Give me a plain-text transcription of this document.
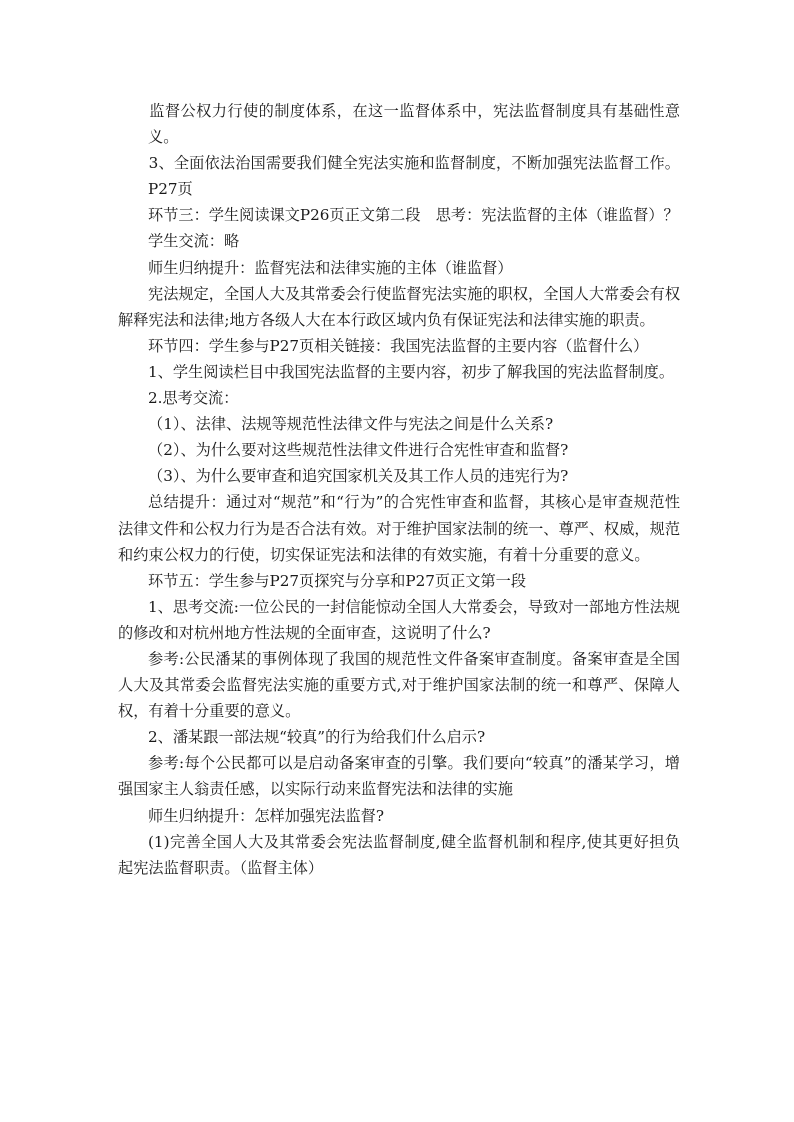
　　监督公权力行使的制度体系，在这一监督体系中，宪法监督制度具有基础性意义。

　　3、全面依法治国需要我们健全宪法实施和监督制度，不断加强宪法监督工作。P27页

环节三：学生阅读课文P26页正文第二段　思考：宪法监督的主体（谁监督）？

学生交流：略

师生归纳提升：监督宪法和法律实施的主体（谁监督）

宪法规定，全国人大及其常委会行使监督宪法实施的职权，全国人大常委会有权解释宪法和法律;地方各级人大在本行政区域内负有保证宪法和法律实施的职责。

环节四：学生参与P27页相关链接：我国宪法监督的主要内容（监督什么）

1、学生阅读栏目中我国宪法监督的主要内容，初步了解我国的宪法监督制度。

2.思考交流：

（1）、法律、法规等规范性法律文件与宪法之间是什么关系?

（2）、为什么要对这些规范性法律文件进行合宪性审查和监督?

（3）、为什么要审查和追究国家机关及其工作人员的违宪行为?

总结提升：通过对“规范”和“行为”的合宪性审查和监督，其核心是审查规范性法律文件和公权力行为是否合法有效。对于维护国家法制的统一、尊严、权威，规范和约束公权力的行使，切实保证宪法和法律的有效实施，有着十分重要的意义。

环节五：学生参与P27页探究与分享和P27页正文第一段

1、思考交流:一位公民的一封信能惊动全国人大常委会，导致对一部地方性法规的修改和对杭州地方性法规的全面审查，这说明了什么?

参考:公民潘某的事例体现了我国的规范性文件备案审查制度。备案审查是全国人大及其常委会监督宪法实施的重要方式,对于维护国家法制的统一和尊严、保障人权，有着十分重要的意义。

2、潘某跟一部法规“较真”的行为给我们什么启示?

参考:每个公民都可以是启动备案审查的引擎。我们要向“较真”的潘某学习，增强国家主人翁责任感，以实际行动来监督宪法和法律的实施

师生归纳提升：怎样加强宪法监督?

(1)完善全国人大及其常委会宪法监督制度,健全监督机制和程序,使其更好担负起宪法监督职责。（监督主体）
